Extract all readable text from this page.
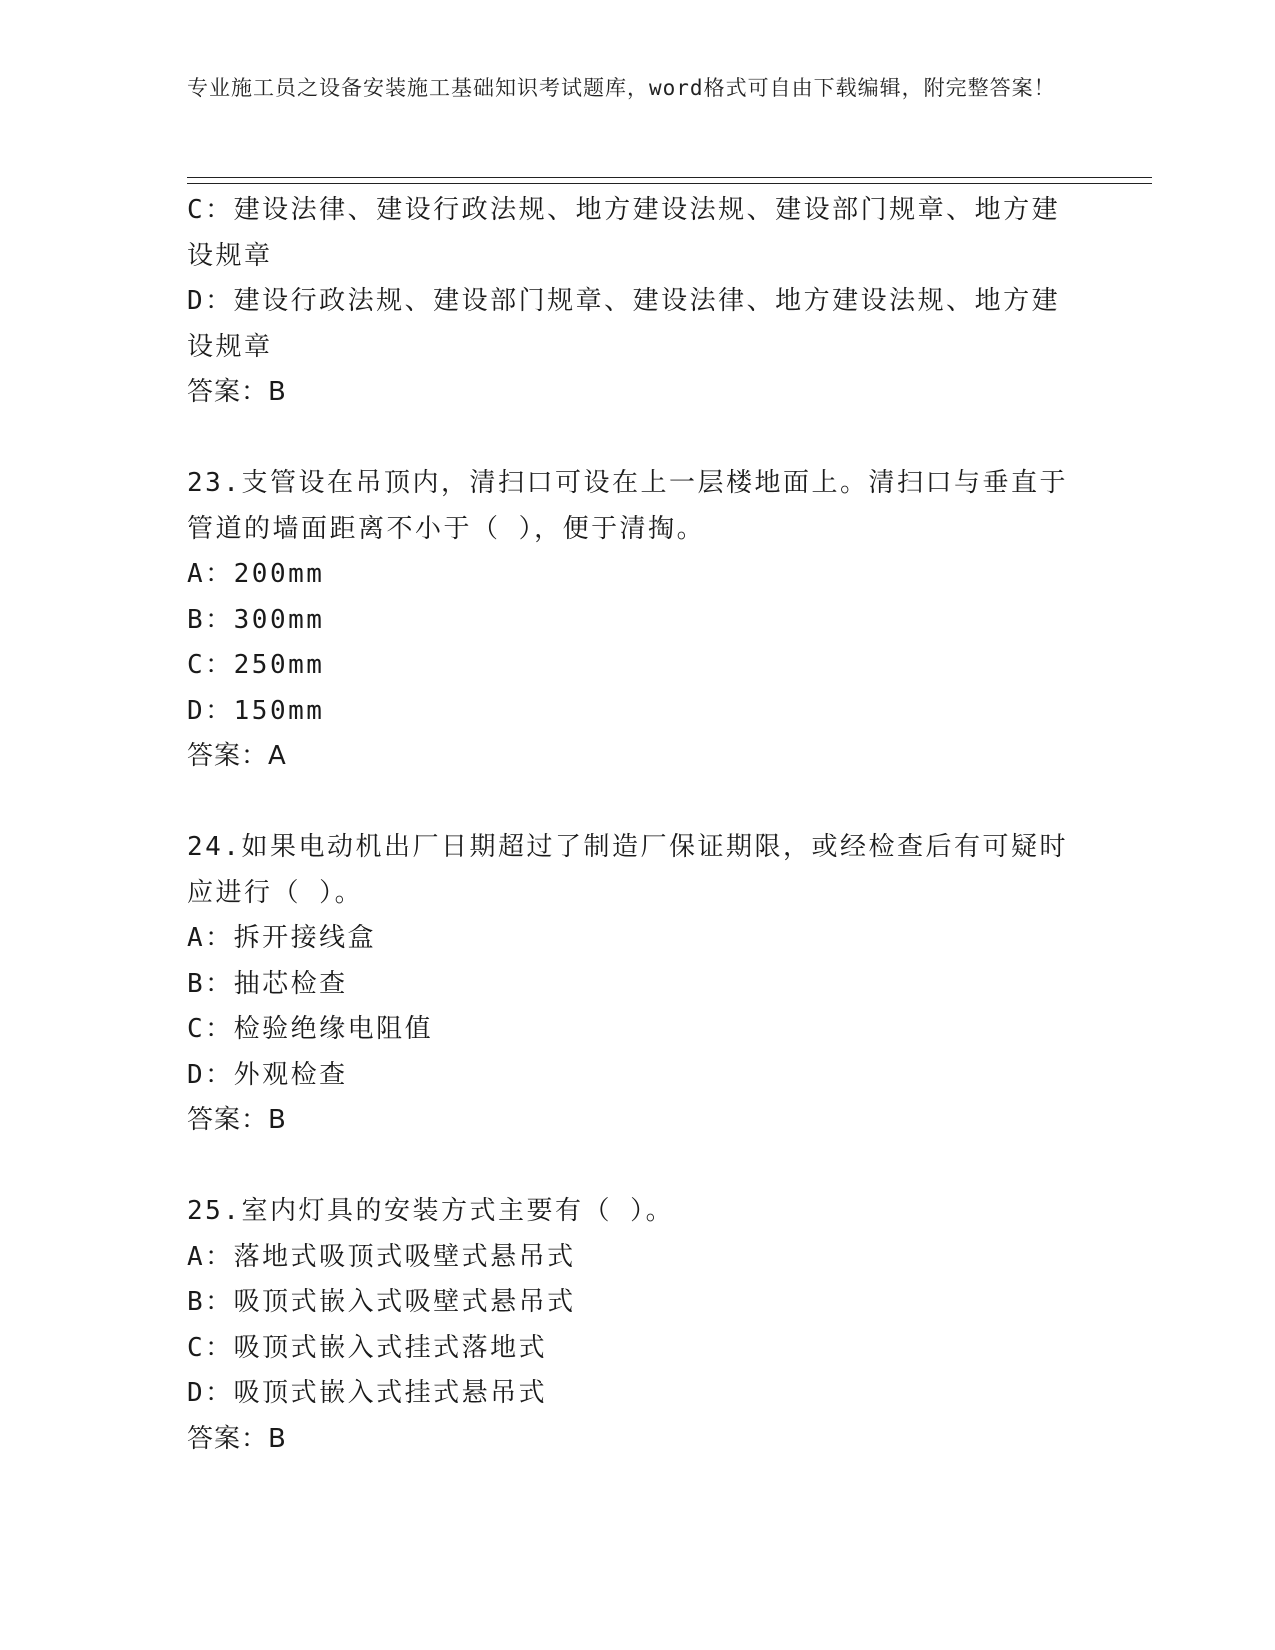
专业施工员之设备安装施工基础知识考试题库，word格式可自由下载编辑，附完整答案！
C：建设法律、建设行政法规、地方建设法规、建设部门规章、地方建设规章
D：建设行政法规、建设部门规章、建设法律、地方建设法规、地方建设规章
答案：B
23.支管设在吊顶内，清扫口可设在上一层楼地面上。清扫口与垂直于管道的墙面距离不小于（ ），便于清掏。
A：200mm
B：300mm
C：250mm
D：150mm
答案：A
24.如果电动机出厂日期超过了制造厂保证期限，或经检查后有可疑时应进行（ ）。
A：拆开接线盒
B：抽芯检查
C：检验绝缘电阻值
D：外观检查
答案：B
25.室内灯具的安装方式主要有（ ）。
A：落地式吸顶式吸壁式悬吊式
B：吸顶式嵌入式吸壁式悬吊式
C：吸顶式嵌入式挂式落地式
D：吸顶式嵌入式挂式悬吊式
答案：B
